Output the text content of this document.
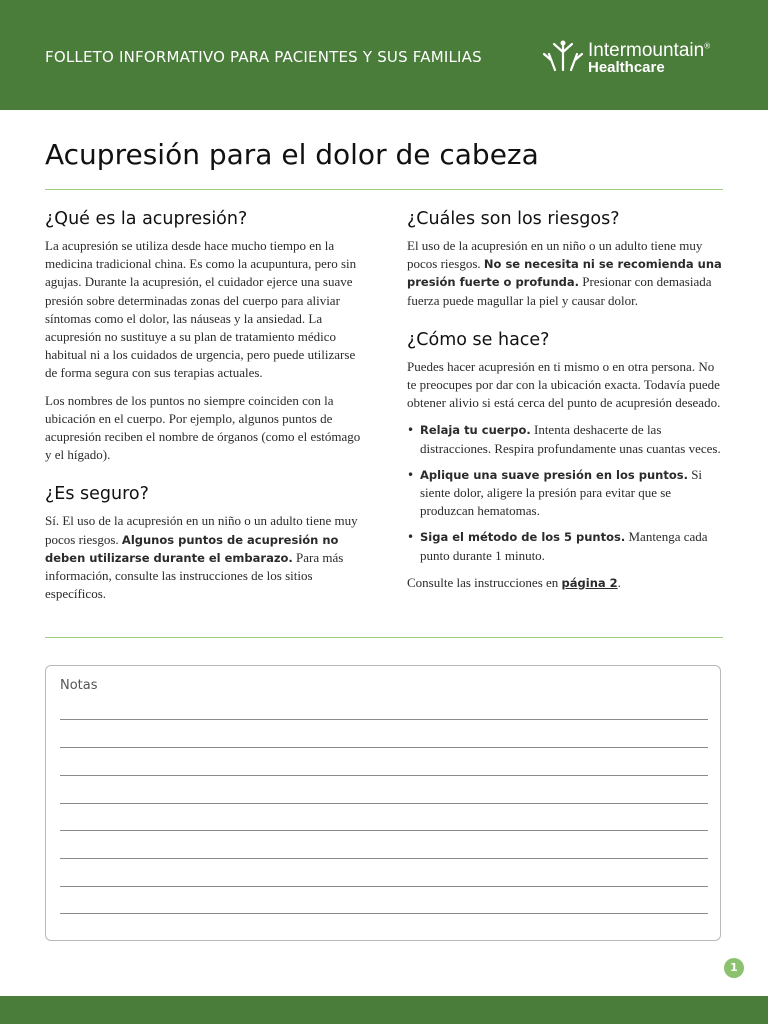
FOLLETO INFORMATIVO PARA PACIENTES Y SUS FAMILIAS	Intermountain®
Healthcare
Acupresión para el dolor de cabeza
¿Qué es la acupresión?

La acupresión se utiliza desde hace mucho tiempo en la medicina tradicional china. Es como la acupuntura, pero sin agujas. Durante la acupresión, el cuidador ejerce una suave presión sobre determinadas zonas del cuerpo para aliviar síntomas como el dolor, las náuseas y la ansiedad. La acupresión no sustituye a su plan de tratamiento médico habitual ni a los cuidados de urgencia, pero puede utilizarse de forma segura con sus terapias actuales.

Los nombres de los puntos no siempre coinciden con la ubicación en el cuerpo. Por ejemplo, algunos puntos de acupresión reciben el nombre de órganos (como el estómago y el hígado).

¿Es seguro?

Sí. El uso de la acupresión en un niño o un adulto tiene muy pocos riesgos. Algunos puntos de acupresión no deben utilizarse durante el embarazo. Para más información, consulte las instrucciones de los sitios específicos.

¿Cuáles son los riesgos?

El uso de la acupresión en un niño o un adulto tiene muy pocos riesgos. No se necesita ni se recomienda una presión fuerte o profunda. Presionar con demasiada fuerza puede magullar la piel y causar dolor.

¿Cómo se hace?

Puedes hacer acupresión en ti mismo o en otra persona. No te preocupes por dar con la ubicación exacta. Todavía puede obtener alivio si está cerca del punto de acupresión deseado.

• Relaja tu cuerpo. Intenta deshacerte de las distracciones. Respira profundamente unas cuantas veces.
• Aplique una suave presión en los puntos. Si siente dolor, aligere la presión para evitar que se produzcan hematomas.
• Siga el método de los 5 puntos. Mantenga cada punto durante 1 minuto.

Consulte las instrucciones en página 2.

Notas
1
